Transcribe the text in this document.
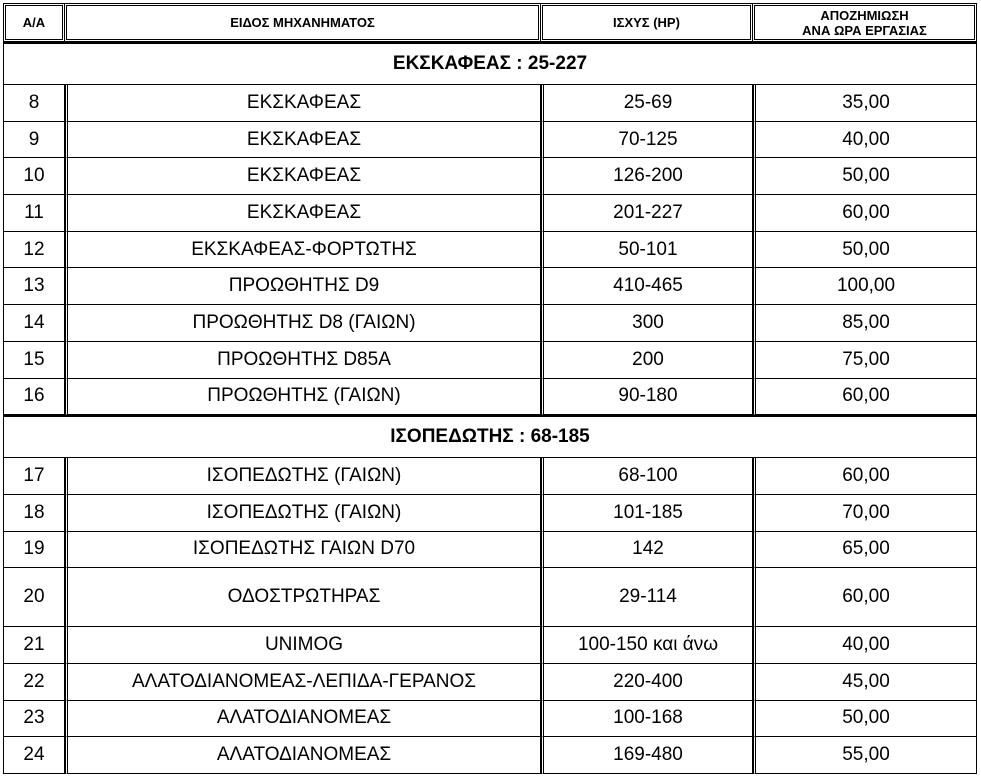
Α/Α	ΕΙΔΟΣ ΜΗΧΑΝΗΜΑΤΟΣ	ΙΣΧΥΣ (HP)	ΑΠΟΖΗΜΙΩΣΗ
ΑΝΑ ΩΡΑ ΕΡΓΑΣΙΑΣ

ΕΚΣΚΑΦΕΑΣ : 25-227			
8	ΕΚΣΚΑΦΕΑΣ	25-69	35,00
9	ΕΚΣΚΑΦΕΑΣ	70-125	40,00
10	ΕΚΣΚΑΦΕΑΣ	126-200	50,00
11	ΕΚΣΚΑΦΕΑΣ	201-227	60,00
12	ΕΚΣΚΑΦΕΑΣ-ΦΟΡΤΩΤΗΣ	50-101	50,00
13	ΠΡΟΩΘΗΤΗΣ D9	410-465	100,00
14	ΠΡΟΩΘΗΤΗΣ D8 (ΓΑΙΩΝ)	300	85,00
15	ΠΡΟΩΘΗΤΗΣ D85A	200	75,00
16	ΠΡΟΩΘΗΤΗΣ (ΓΑΙΩΝ)	90-180	60,00
ΙΣΟΠΕΔΩΤΗΣ : 68-185			
17	ΙΣΟΠΕΔΩΤΗΣ (ΓΑΙΩΝ)	68-100	60,00
18	ΙΣΟΠΕΔΩΤΗΣ (ΓΑΙΩΝ)	101-185	70,00
19	ΙΣΟΠΕΔΩΤΗΣ ΓΑΙΩΝ D70	142	65,00
20	ΟΔΟΣΤΡΩΤΗΡΑΣ	29-114	60,00
21	UNIMOG	100-150 και άνω	40,00
22	ΑΛΑΤΟΔΙΑΝΟΜΕΑΣ-ΛΕΠΙΔΑ-ΓΕΡΑΝΟΣ	220-400	45,00
23	ΑΛΑΤΟΔΙΑΝΟΜΕΑΣ	100-168	50,00
24	ΑΛΑΤΟΔΙΑΝΟΜΕΑΣ	169-480	55,00
